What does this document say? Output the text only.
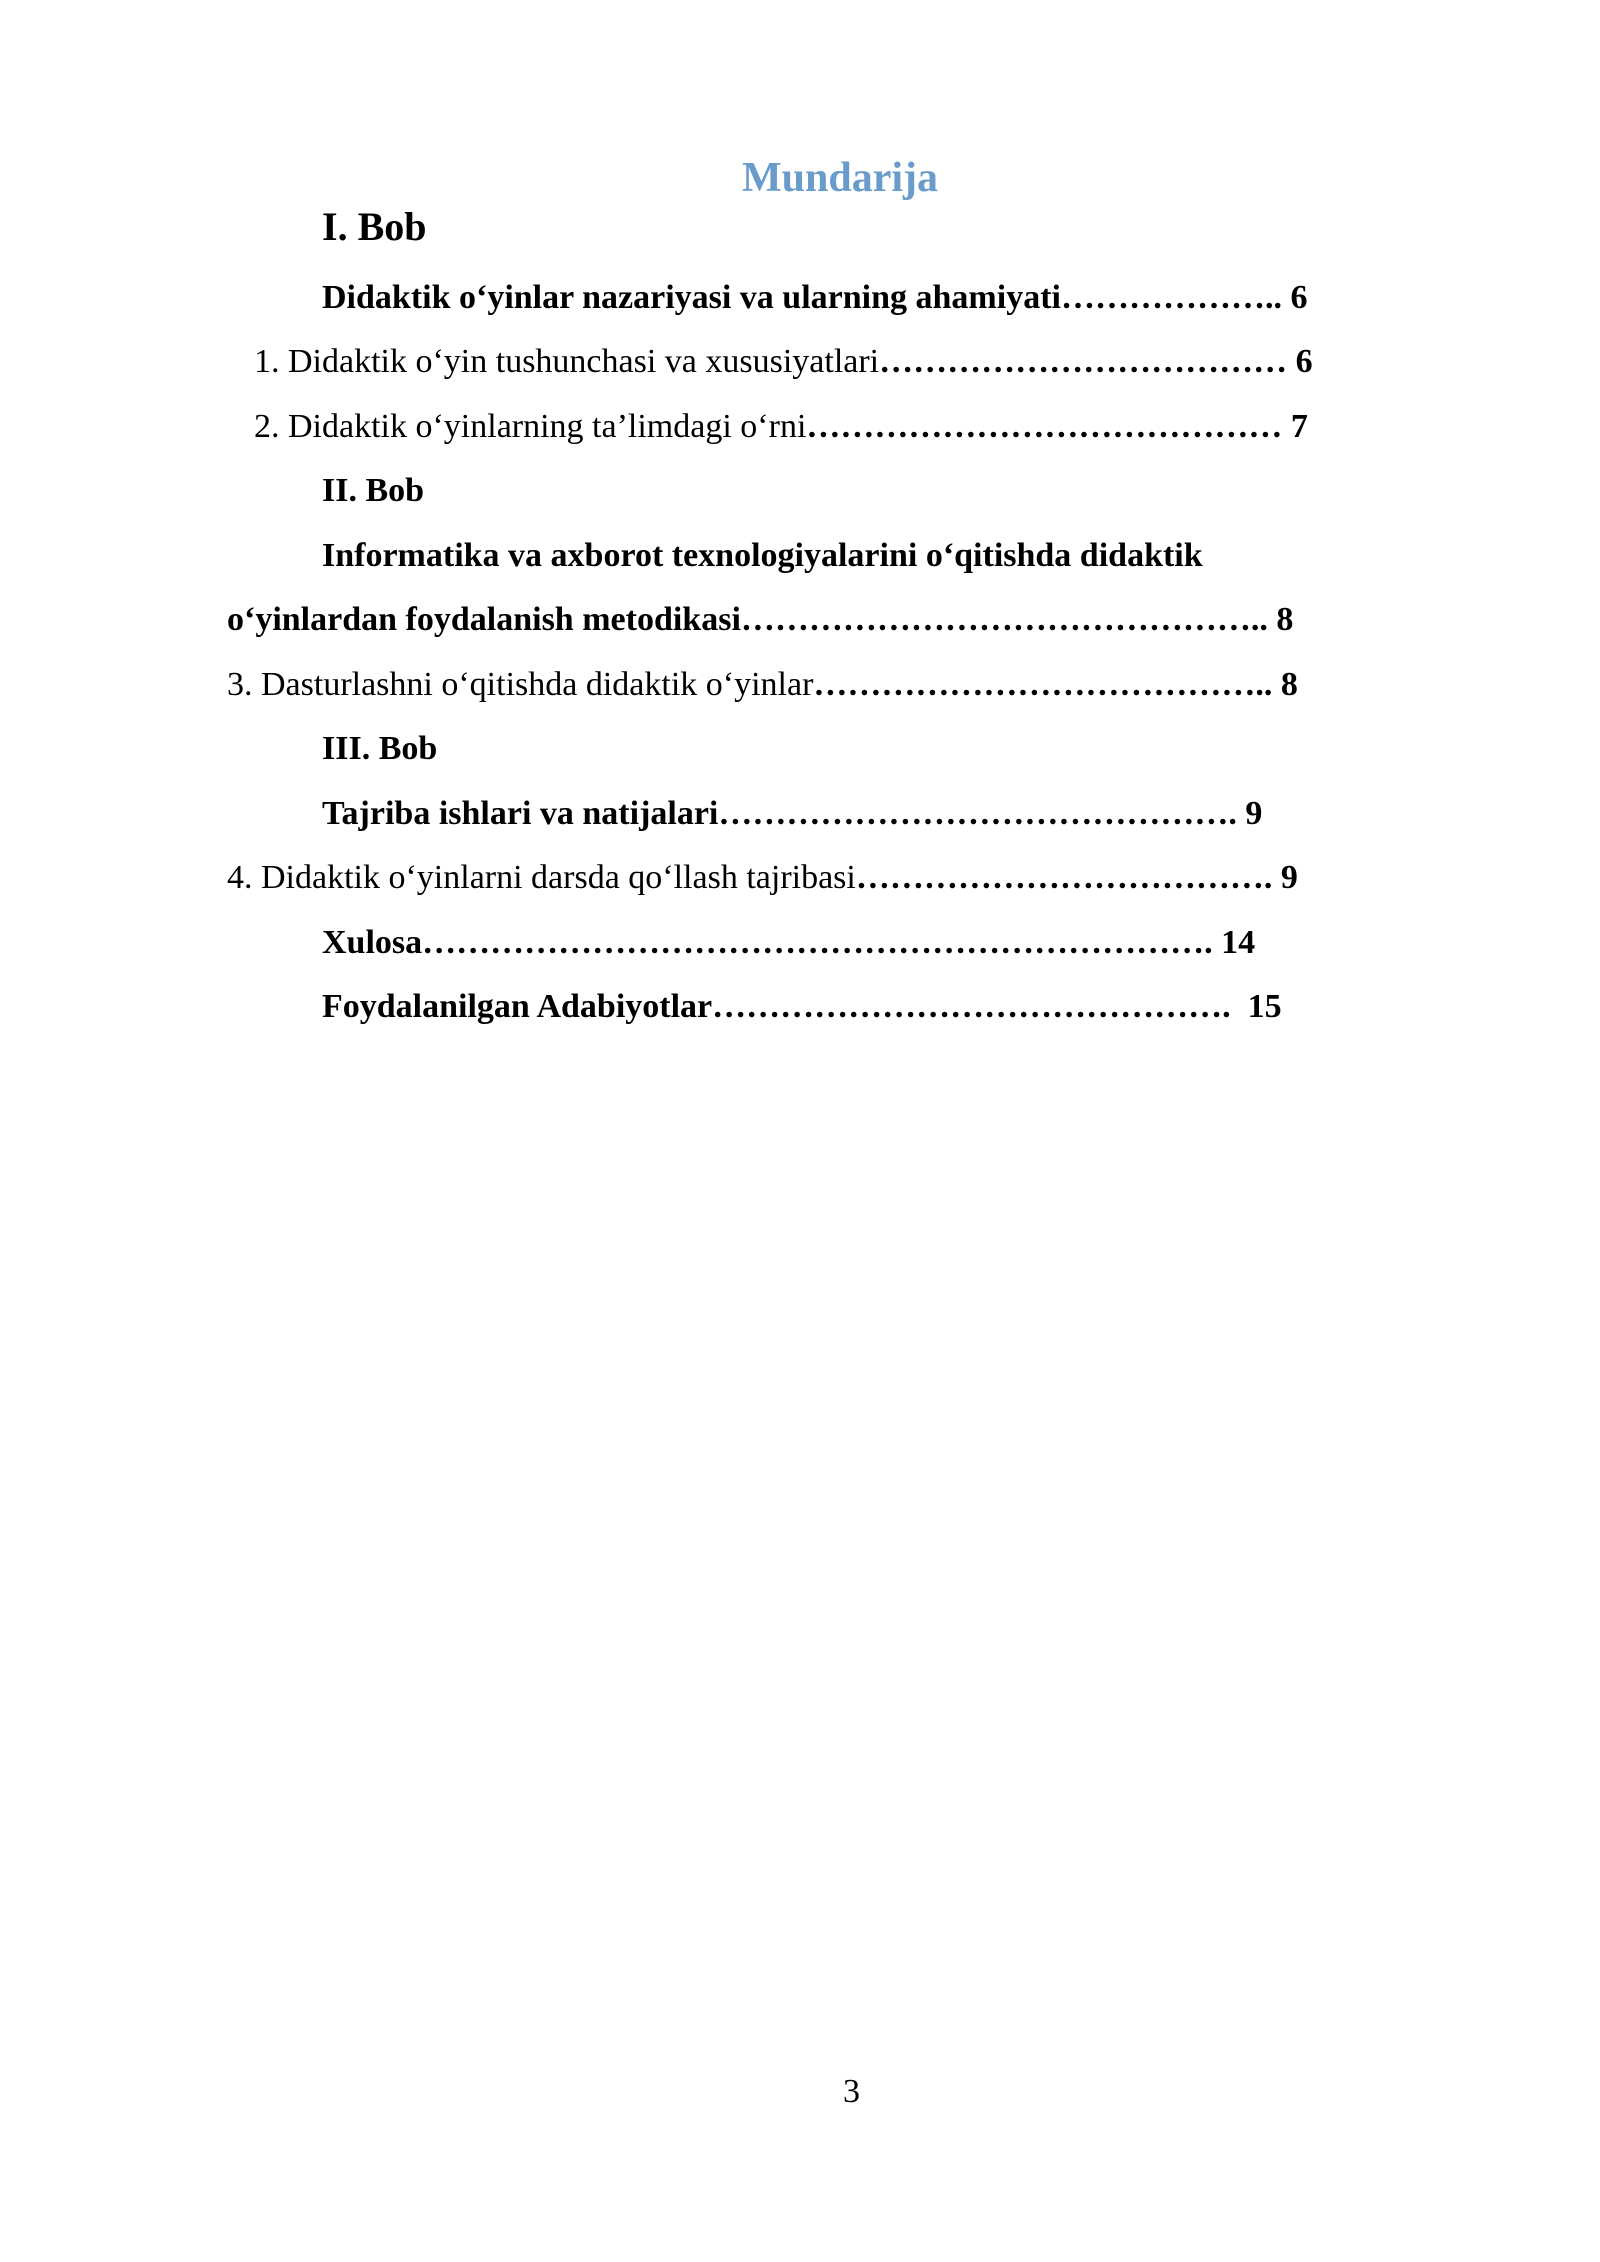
Mundarija
I. Bob
Didaktik o‘yinlar nazariyasi va ularning ahamiyati……………….. 6
1. Didaktik o‘yin tushunchasi va xususiyatlari……………………………… 6
2. Didaktik o‘yinlarning ta’limdagi o‘rni…………………………………… 7
II. Bob
Informatika va axborot texnologiyalarini o‘qitishda didaktik
o‘yinlardan foydalanish metodikasi……………………………………….. 8
3. Dasturlashni o‘qitishda didaktik o‘yinlar………………………………….. 8
III. Bob
Tajriba ishlari va natijalari………………………………………. 9
4. Didaktik o‘yinlarni darsda qo‘llash tajribasi………………………………. 9
Xulosa……………………………………………………………. 14
Foydalanilgan Adabiyotlar………………………………………. 15
3
